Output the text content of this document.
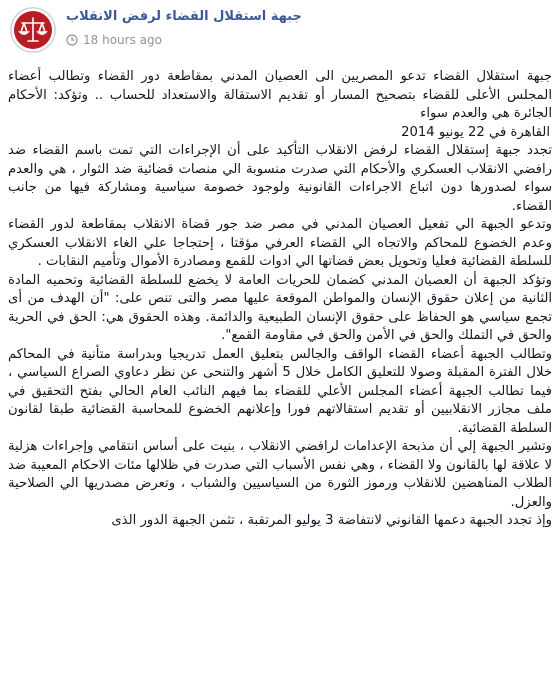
جبهة استقلال القضاء لرفض الانقلاب
18 hours ago

جبهة استقلال القضاء تدعو المصريين الى العصيان المدني بمقاطعة دور القضاء وتطالب أعضاء المجلس الأعلى للقضاء بتصحيح المسار أو تقديم الاستقالة والاستعداد للحساب .. وتؤكد: الأحكام الجائرة هي والعدم سواء

القاهرة في 22 يونيو 2014

تجدد جبهة إستقلال القضاء لرفض الانقلاب التأكيد على أن الإجراءات التي تمت باسم القضاء ضد رافضي الانقلاب العسكري والأحكام التي صدرت منسوبة الي منصات قضائية ضد الثوار ، هي والعدم سواء لصدورها دون اتباع الاجراءات القانونية ولوجود خصومة سياسية ومشاركة فيها من جانب القضاء.

وتدعو الجبهة الي تفعيل العصيان المدني في مصر ضد جور قضاة الانقلاب بمقاطعة لدور القضاء وعدم الخضوع للمحاكم والاتجاه الي القضاء العرفي مؤقتا ، إحتجاجا علي الغاء الانقلاب العسكري للسلطة القضائية فعليا وتحويل بعض قضاتها الي ادوات للقمع ومصادرة الأموال وتأميم النقابات .

وتؤكد الجبهة أن العصيان المدني كضمان للحريات العامة لا يخضع للسلطة القضائية وتحميه المادة الثانية من إعلان حقوق الإنسان والمواطن الموقعة عليها مصر والتى تنص على: "أن الهدف من أى تجمع سياسي هو الحفاظ على حقوق الإنسان الطبيعية والدائمة. وهذه الحقوق هي: الحق في الحرية والحق في التملك والحق في الأمن والحق في مقاومة القمع".

وتطالب الجبهة أعضاء القضاء الواقف والجالس بتعليق العمل تدريجيا وبدراسة متأنية في المحاكم خلال الفترة المقبلة وصولا للتعليق الكامل خلال 5 أشهر والتنحى عن نظر دعاوي الصراع السياسي ، فيما تطالب الجبهة أعضاء المجلس الأعلي للقضاء بما فيهم النائب العام الحالي بفتح التحقيق في ملف مجازر الانقلابيين أو تقديم استقالاتهم فورا وإعلانهم الخضوع للمحاسبة القضائية طبقا لقانون السلطة القضائية.

وتشير الجبهة إلي أن مذبحة الإعدامات لرافضي الانقلاب ، بنيت على أساس انتقامي وإجراءات هزلية لا علاقة لها بالقانون ولا القضاء ، وهي نفس الأسباب التي صدرت في ظلالها مئات الاحكام المعيبة ضد الطلاب المناهضين للانقلاب ورموز الثورة من السياسيين والشباب ، وتعرض مصدريها الي الصلاحية والعزل.

وإذ تجدد الجبهة دعمها القانوني لانتفاضة 3 يوليو المرتقبة ، تثمن الجبهة الدور الذى
